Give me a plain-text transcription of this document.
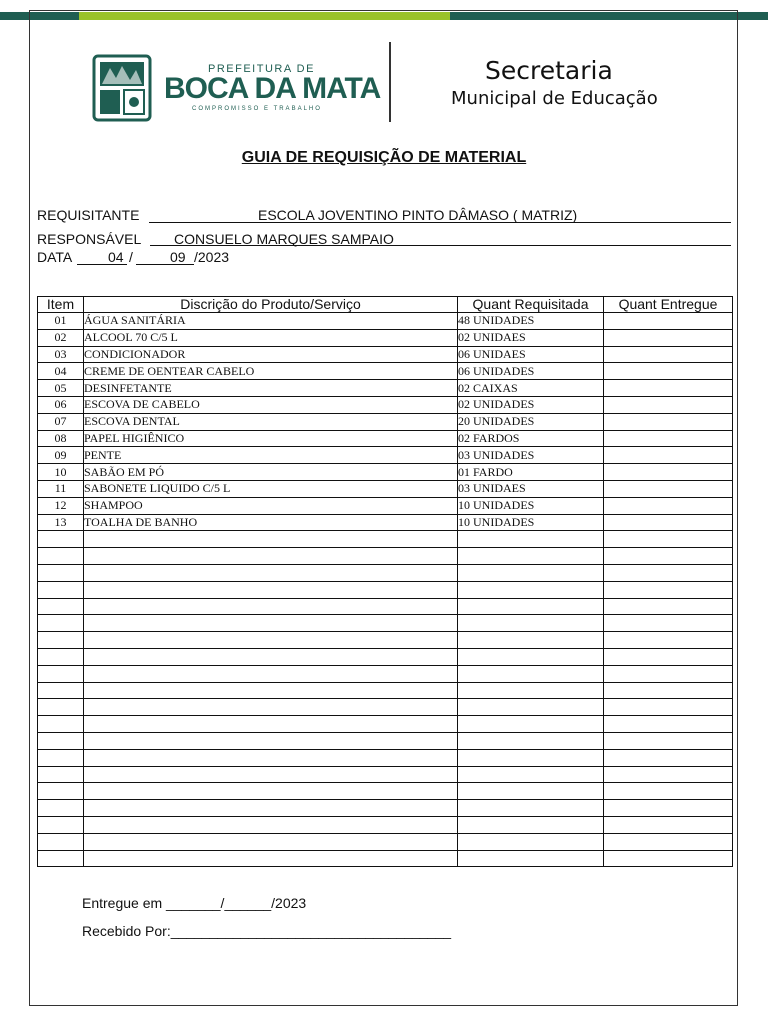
PREFEITURA DE
BOCA DA MATA
COMPROMISSO E TRABALHO
Secretaria
Municipal de Educação
GUIA DE REQUISIÇÃO DE MATERIAL
REQUISITANTE	ESCOLA JOVENTINO PINTO DÂMASO ( MATRIZ)
RESPONSÁVEL CONSUELO MARQUES SAMPAIO
DATA	04 /	09 /2023
Item	Discrição do Produto/Serviço	Quant Requisitada	Quant Entregue
01	ÁGUA SANITÁRIA	48 UNIDADES	
02	ALCOOL 70 C/5 L	02 UNIDAES	
03	CONDICIONADOR	06 UNIDAES	
04	CREME DE OENTEAR CABELO	06 UNIDADES	
05	DESINFETANTE	02 CAIXAS	
06	ESCOVA DE CABELO	02 UNIDADES	
07	ESCOVA DENTAL	20 UNIDADES	
08	PAPEL HIGIÊNICO	02 FARDOS	
09	PENTE	03 UNIDADES	
10	SABÃO EM PÓ	01 FARDO	
11	SABONETE LIQUIDO C/5 L	03 UNIDAES	
12	SHAMPOO	10 UNIDADES	
13	TOALHA DE BANHO	10 UNIDADES	

Entregue em _______/______/2023
Recebido Por:____________________________________
